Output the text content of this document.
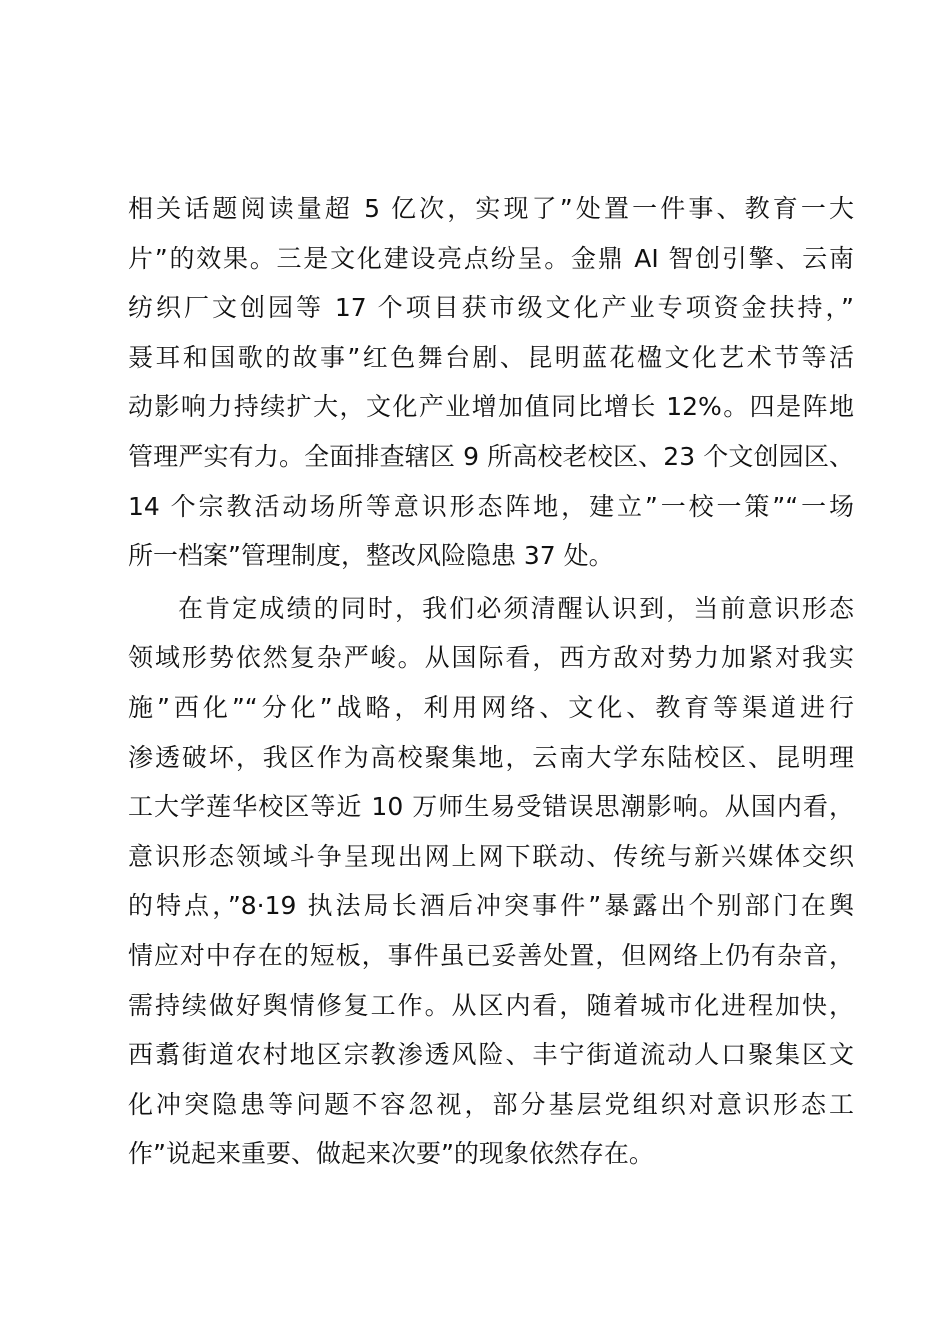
相关话题阅读量超 5 亿次，实现了”处置一件事、教育一大
片”的效果。三是文化建设亮点纷呈。金鼎 AI 智创引擎、云南
纺织厂文创园等 17 个项目获市级文化产业专项资金扶持，”
聂耳和国歌的故事”红色舞台剧、昆明蓝花楹文化艺术节等活
动影响力持续扩大，文化产业增加值同比增长 12%。四是阵地
管理严实有力。全面排查辖区 9 所高校老校区、23 个文创园区、
14 个宗教活动场所等意识形态阵地，建立”一校一策”“一场
所一档案”管理制度，整改风险隐患 37 处。
在肯定成绩的同时，我们必须清醒认识到，当前意识形态
领域形势依然复杂严峻。从国际看，西方敌对势力加紧对我实
施”西化”“分化”战略，利用网络、文化、教育等渠道进行
渗透破坏，我区作为高校聚集地，云南大学东陆校区、昆明理
工大学莲华校区等近 10 万师生易受错误思潮影响。从国内看，
意识形态领域斗争呈现出网上网下联动、传统与新兴媒体交织
的特点，”8·19 执法局长酒后冲突事件”暴露出个别部门在舆
情应对中存在的短板，事件虽已妥善处置，但网络上仍有杂音，
需持续做好舆情修复工作。从区内看，随着城市化进程加快，
西翥街道农村地区宗教渗透风险、丰宁街道流动人口聚集区文
化冲突隐患等问题不容忽视，部分基层党组织对意识形态工
作”说起来重要、做起来次要”的现象依然存在。
